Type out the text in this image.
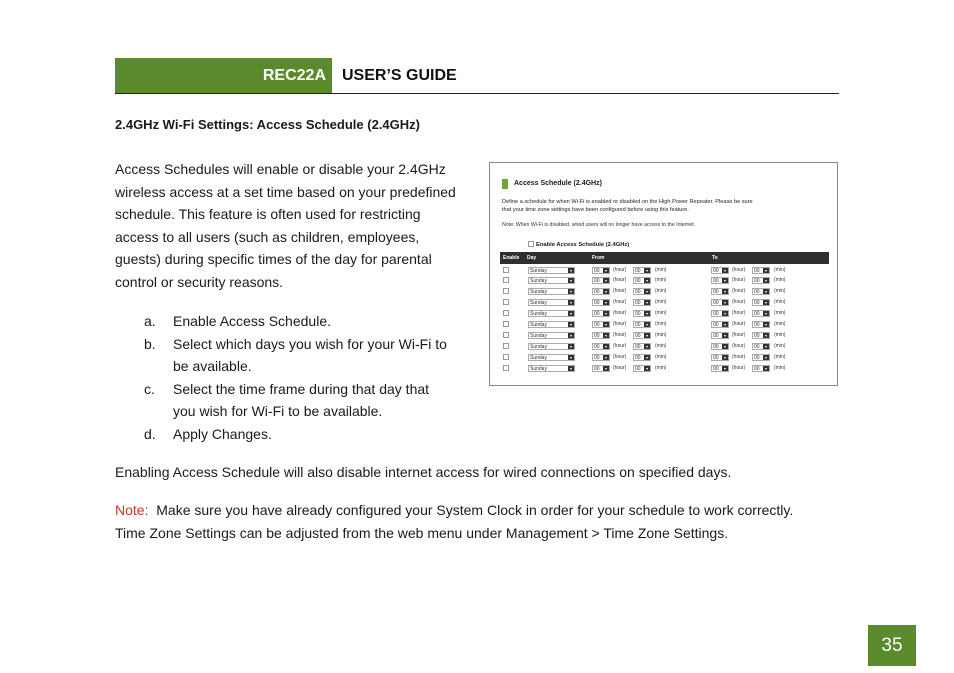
REC22A	USER’S GUIDE
2.4GHz Wi-Fi Settings: Access Schedule (2.4GHz)
Access Schedules will enable or disable your 2.4GHz
wireless access at a set time based on your predefined
schedule. This feature is often used for restricting
access to all users (such as children, employees,
guests) during specific times of the day for parental
control or security reasons.
a. Enable Access Schedule.
b. Select which days you wish for your Wi-Fi to
be available.
c. Select the time frame during that day that
you wish for Wi-Fi to be available.
d. Apply Changes.
Enabling Access Schedule will also disable internet access for wired connections on specified days.
Note:  Make sure you have already configured your System Clock in order for your schedule to work correctly.
Time Zone Settings can be adjusted from the web menu under Management > Time Zone Settings.
Access Schedule (2.4GHz)
Define a schedule for when Wi-Fi is enabled or disabled on the High Power Repeater. Please be sure
that your time zone settings have been configured before using this feature.
Note: When Wi-Fi is disabled, wired users will no longer have access to the Internet.
Enable Access Schedule (2.4GHz)
Enable Day	From	To
Sunday	▾	00	▾	(hour)	00	▾	(min)	00	▾	(hour)	00	▾	(min)
Sunday	▾	00	▾	(hour)	00	▾	(min)	00	▾	(hour)	00	▾	(min)
Sunday	▾	00	▾	(hour)	00	▾	(min)	00	▾	(hour)	00	▾	(min)
Sunday	▾	00	▾	(hour)	00	▾	(min)	00	▾	(hour)	00	▾	(min)
Sunday	▾	00	▾	(hour)	00	▾	(min)	00	▾	(hour)	00	▾	(min)
Sunday	▾	00	▾	(hour)	00	▾	(min)	00	▾	(hour)	00	▾	(min)
Sunday	▾	00	▾	(hour)	00	▾	(min)	00	▾	(hour)	00	▾	(min)
Sunday	▾	00	▾	(hour)	00	▾	(min)	00	▾	(hour)	00	▾	(min)
Sunday	▾	00	▾	(hour)	00	▾	(min)	00	▾	(hour)	00	▾	(min)
Sunday	▾	00	▾	(hour)	00	▾	(min)	00	▾	(hour)	00	▾	(min)
35
